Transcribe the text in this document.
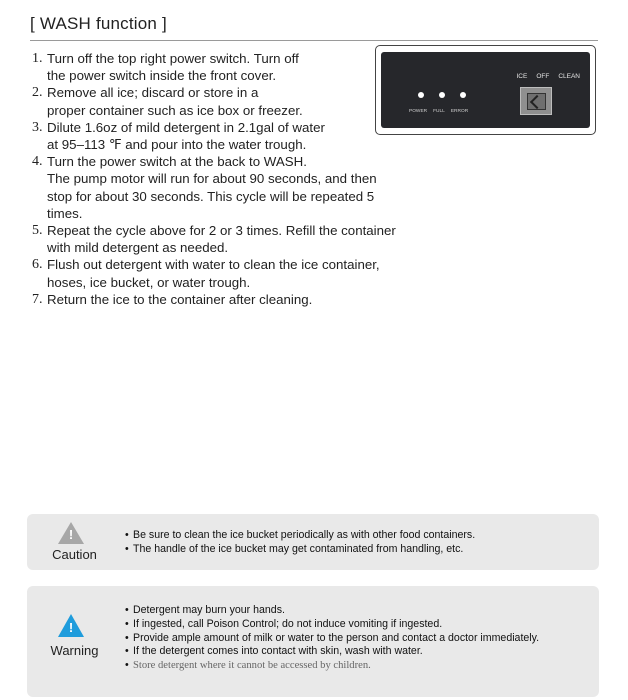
[ WASH function ]
1. Turn off the top right power switch. Turn off
the power switch inside the front cover.
2. Remove all ice; discard or store in a
proper container such as ice box or freezer.
3. Dilute 1.6oz of mild detergent in 2.1gal of water
at 95–113 ℉ and pour into the water trough.
4. Turn the power switch at the back to WASH.
The pump motor will run for about 90 seconds, and then
stop for about 30 seconds. This cycle will be repeated 5
times.
5. Repeat the cycle above for 2 or 3 times. Refill the container
with mild detergent as needed.
6. Flush out detergent with water to clean the ice container,
hoses, ice bucket, or water trough.
7. Return the ice to the container after cleaning.
ICE OFF CLEAN
POWER FULL ERROR
!
Caution
• Be sure to clean the ice bucket periodically as with other food containers.
• The handle of the ice bucket may get contaminated from handling, etc.
!
Warning
• Detergent may burn your hands.
• If ingested, call Poison Control; do not induce vomiting if ingested.
• Provide ample amount of milk or water to the person and contact a doctor immediately.
• If the detergent comes into contact with skin, wash with water.
• Store detergent where it cannot be accessed by children.
